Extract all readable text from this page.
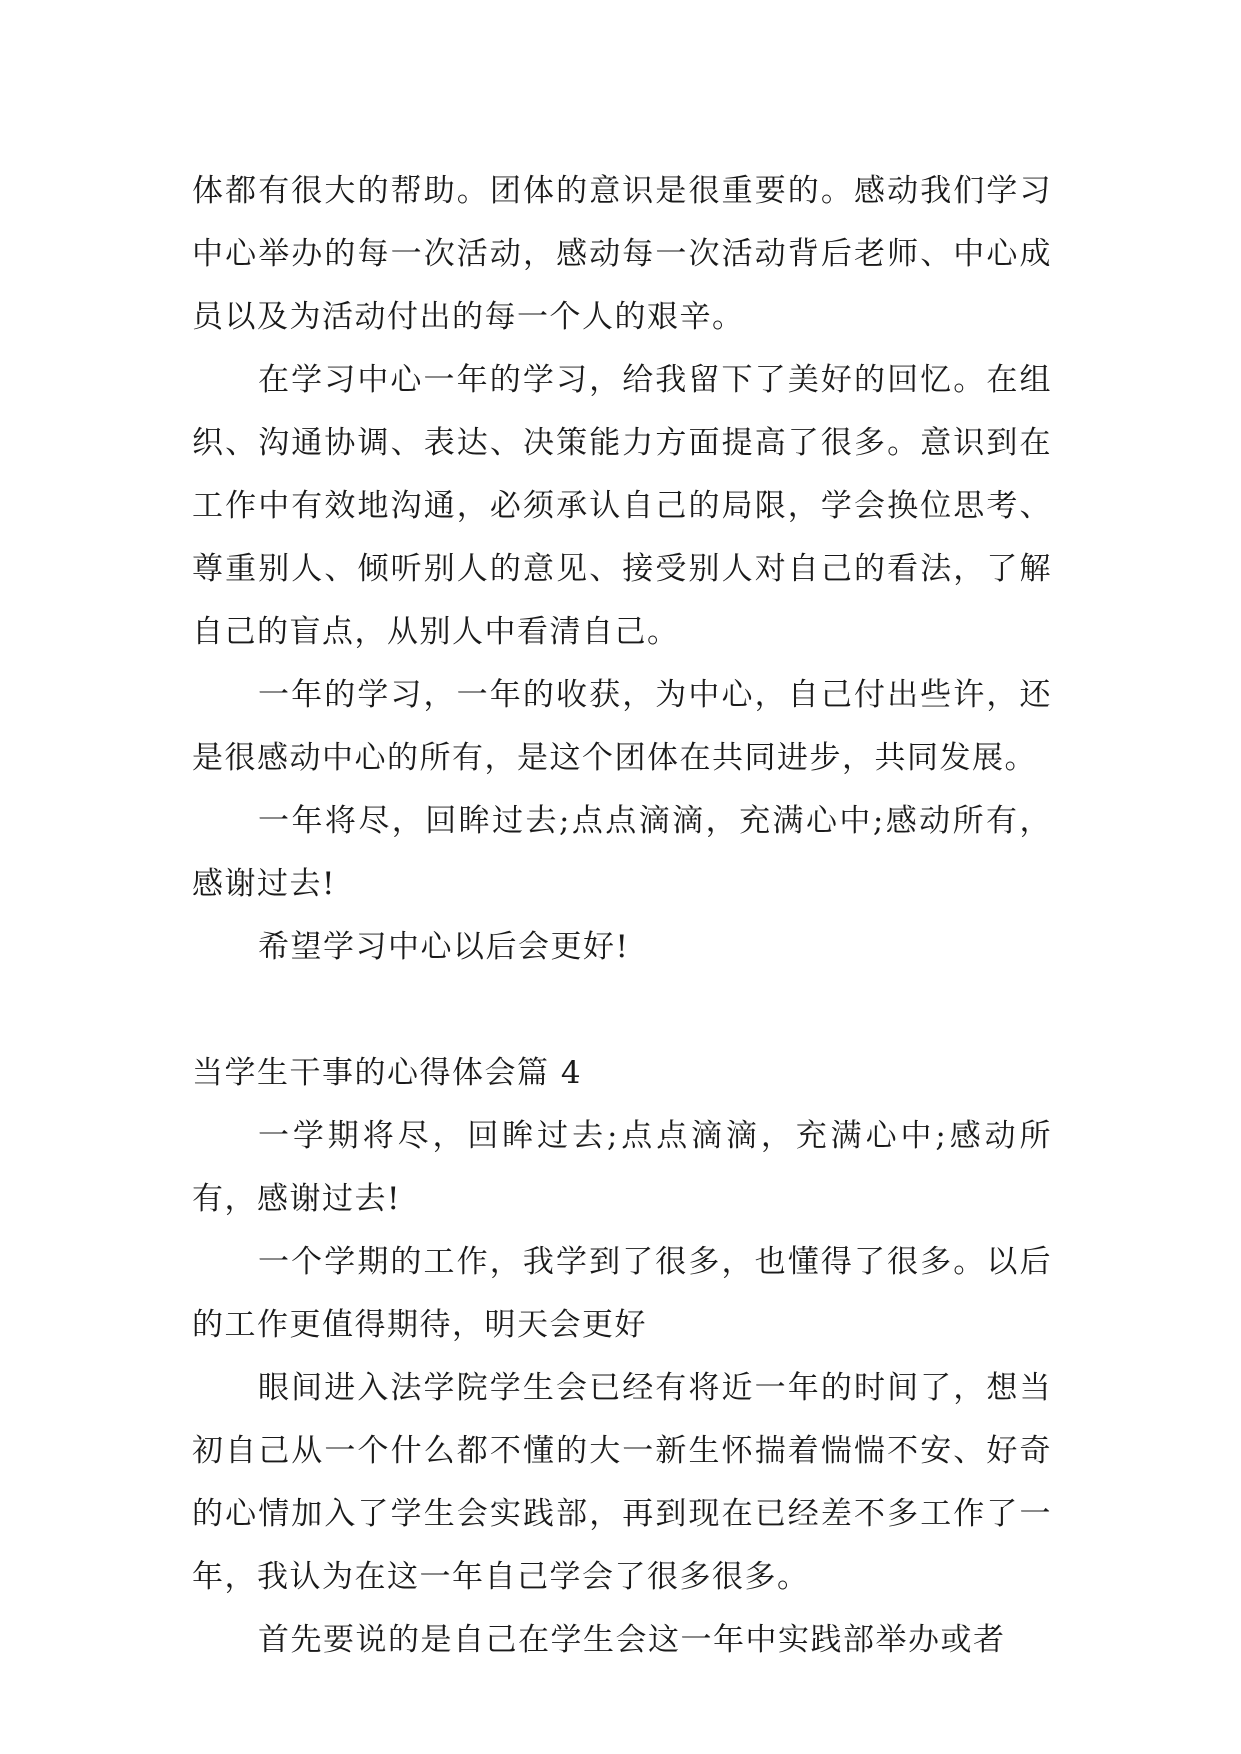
体都有很大的帮助。团体的意识是很重要的。感动我们学习中心举办的每一次活动，感动每一次活动背后老师、中心成员以及为活动付出的每一个人的艰辛。

在学习中心一年的学习，给我留下了美好的回忆。在组织、沟通协调、表达、决策能力方面提高了很多。意识到在工作中有效地沟通，必须承认自己的局限，学会换位思考、尊重别人、倾听别人的意见、接受别人对自己的看法，了解自己的盲点，从别人中看清自己。

一年的学习，一年的收获，为中心，自己付出些许，还是很感动中心的所有，是这个团体在共同进步，共同发展。

一年将尽，回眸过去;点点滴滴，充满心中;感动所有，感谢过去!

希望学习中心以后会更好!

当学生干事的心得体会篇 4

一学期将尽，回眸过去;点点滴滴，充满心中;感动所有，感谢过去!

一个学期的工作，我学到了很多，也懂得了很多。以后的工作更值得期待，明天会更好

眼间进入法学院学生会已经有将近一年的时间了，想当初自己从一个什么都不懂的大一新生怀揣着惴惴不安、好奇的心情加入了学生会实践部，再到现在已经差不多工作了一年，我认为在这一年自己学会了很多很多。

首先要说的是自己在学生会这一年中实践部举办或者
